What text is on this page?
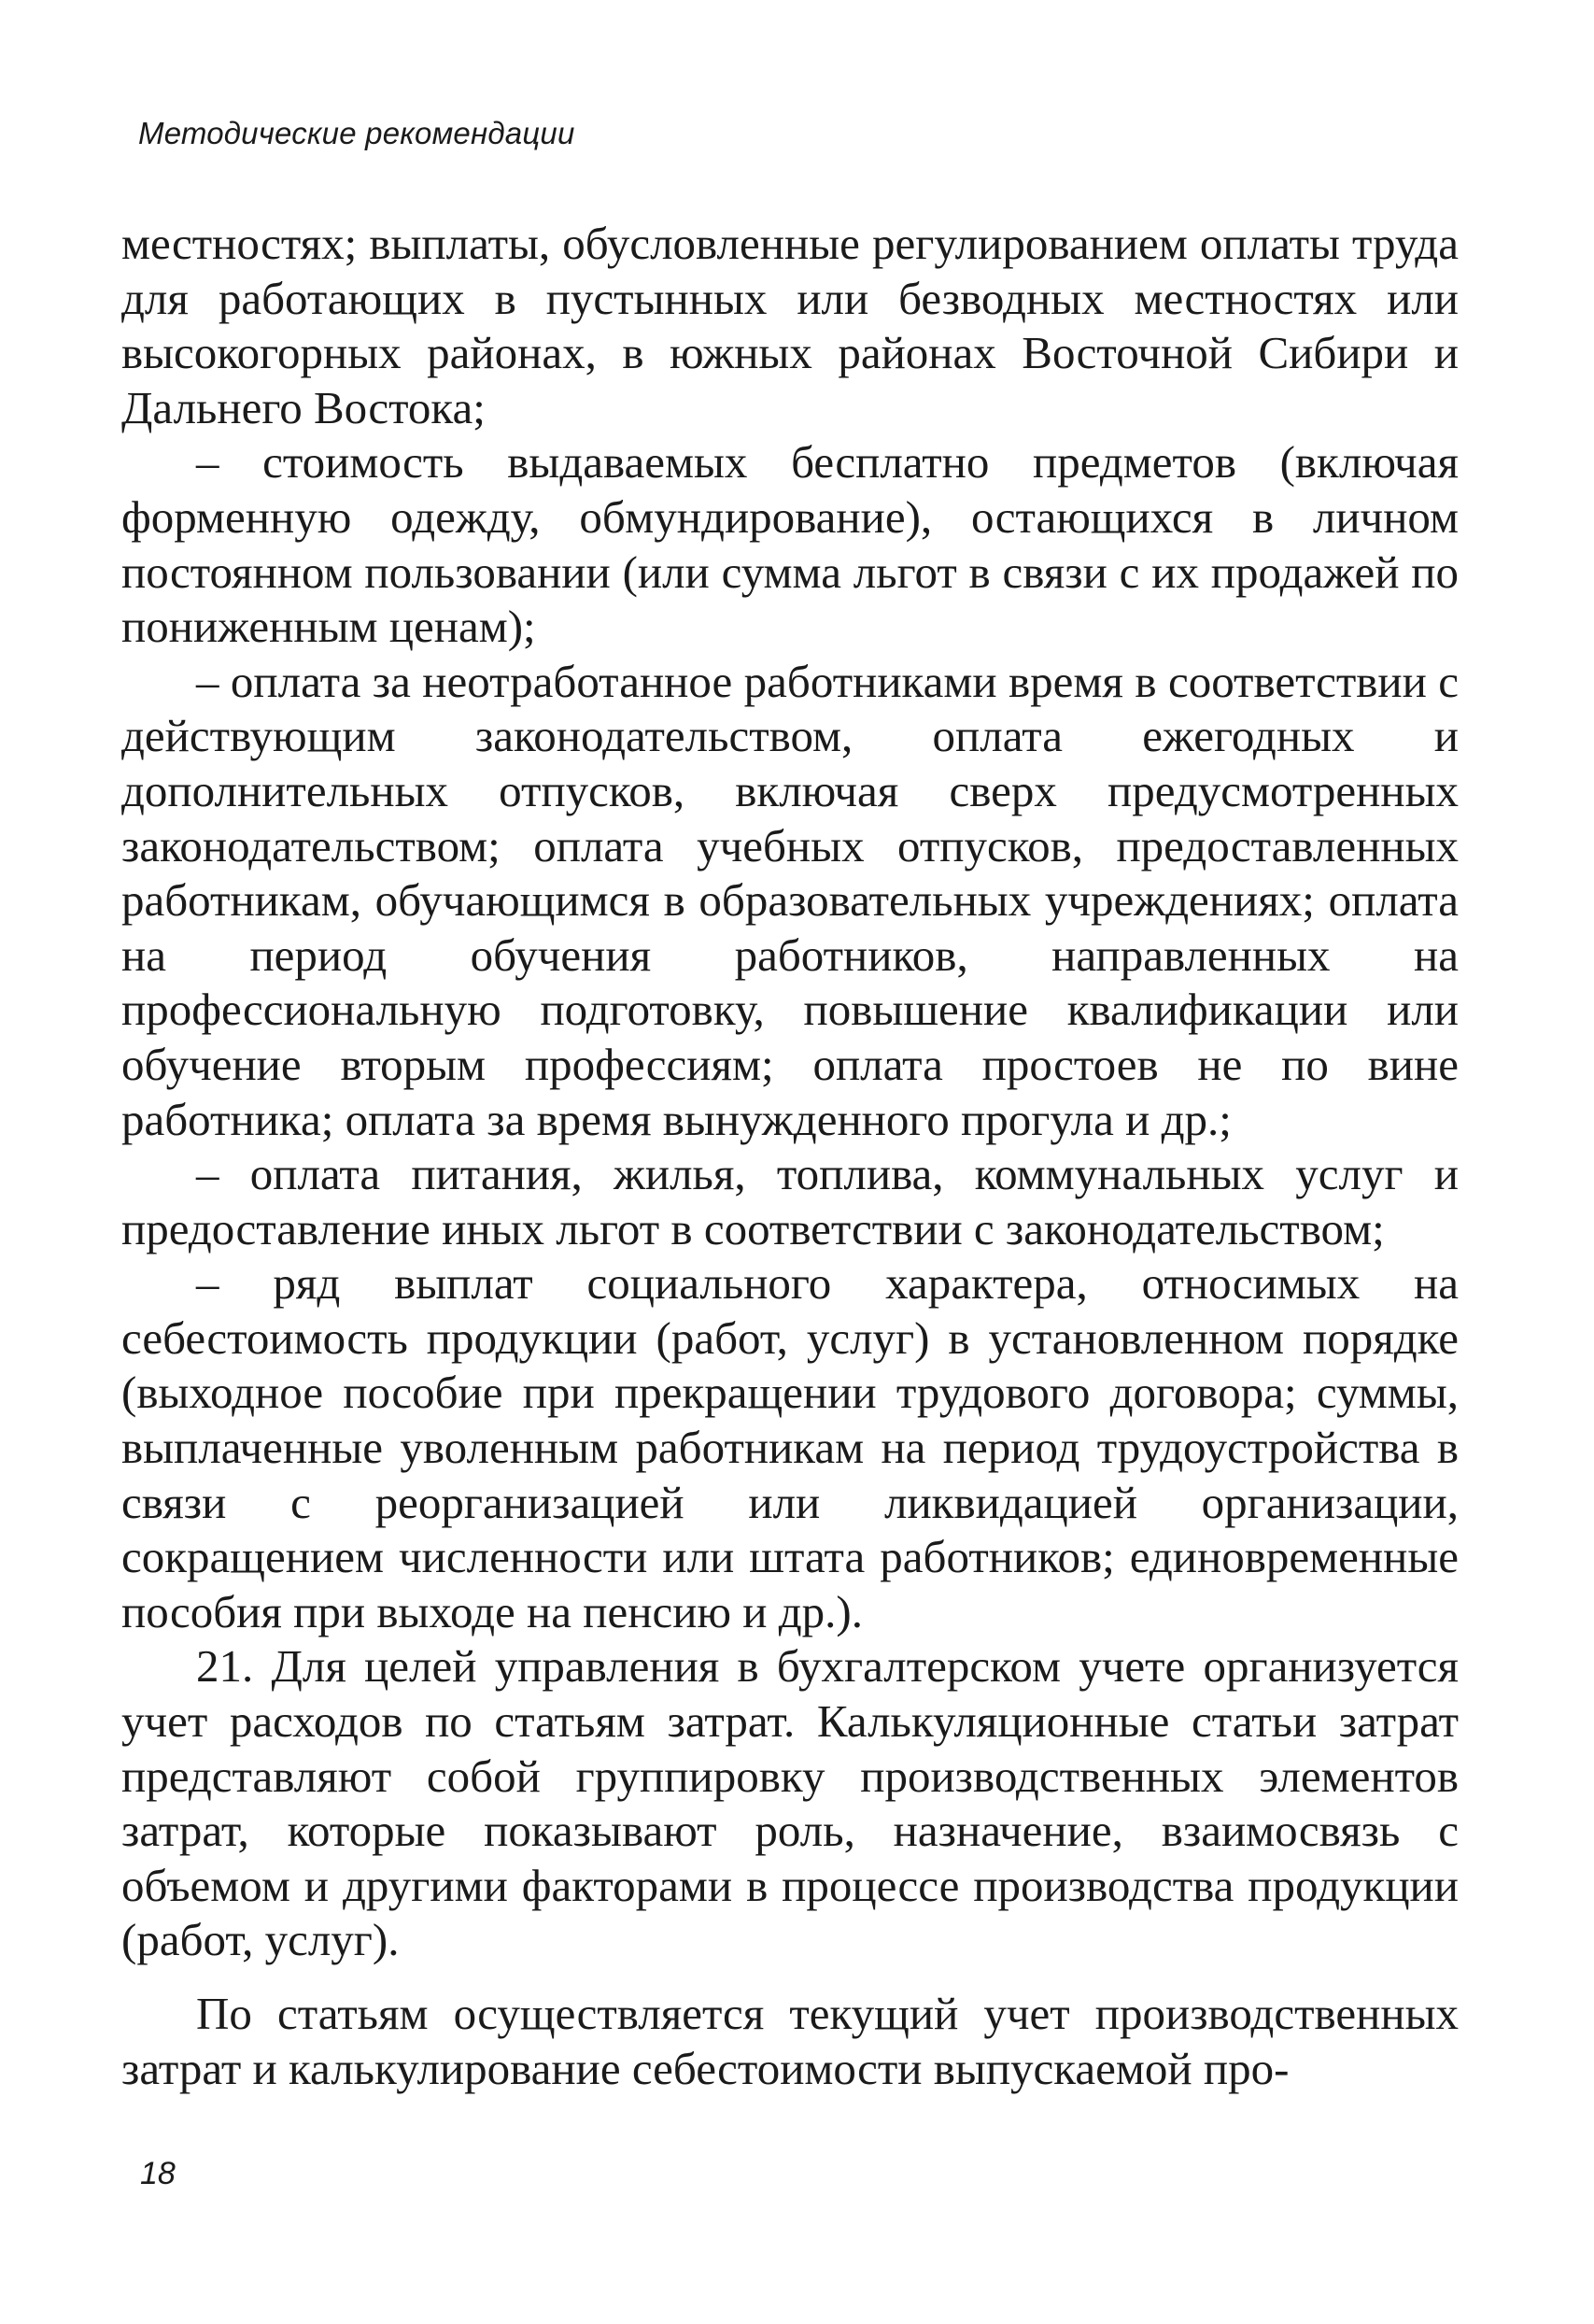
Методические рекомендации

местностях; выплаты, обусловленные регулированием оплаты труда для работающих в пустынных или безводных местностях или высокогорных районах, в южных районах Восточной Сибири и Дальнего Востока;

– стоимость выдаваемых бесплатно предметов (включая форменную одежду, обмундирование), остающихся в личном постоянном пользовании (или сумма льгот в связи с их продажей по пониженным ценам);

– оплата за неотработанное работниками время в соответствии с действующим законодательством, оплата ежегодных и дополнительных отпусков, включая сверх предусмотренных законодательством; оплата учебных отпусков, предоставленных работникам, обучающимся в образовательных учреждениях; оплата на период обучения работников, направленных на профессиональную подготовку, повышение квалификации или обучение вторым профессиям; оплата простоев не по вине работника; оплата за время вынужденного прогула и др.;

– оплата питания, жилья, топлива, коммунальных услуг и предоставление иных льгот в соответствии с законодательством;

– ряд выплат социального характера, относимых на себестоимость продукции (работ, услуг) в установленном порядке (выходное пособие при прекращении трудового договора; суммы, выплаченные уволенным работникам на период трудоустройства в связи с реорганизацией или ликвидацией организации, сокращением численности или штата работников; единовременные пособия при выходе на пенсию и др.).

21. Для целей управления в бухгалтерском учете организуется учет расходов по статьям затрат. Калькуляционные статьи затрат представляют собой группировку производственных элементов затрат, которые показывают роль, назначение, взаимосвязь с объемом и другими факторами в процессе производства продукции (работ, услуг).

По статьям осуществляется текущий учет производственных затрат и калькулирование себестоимости выпускаемой про-

18
